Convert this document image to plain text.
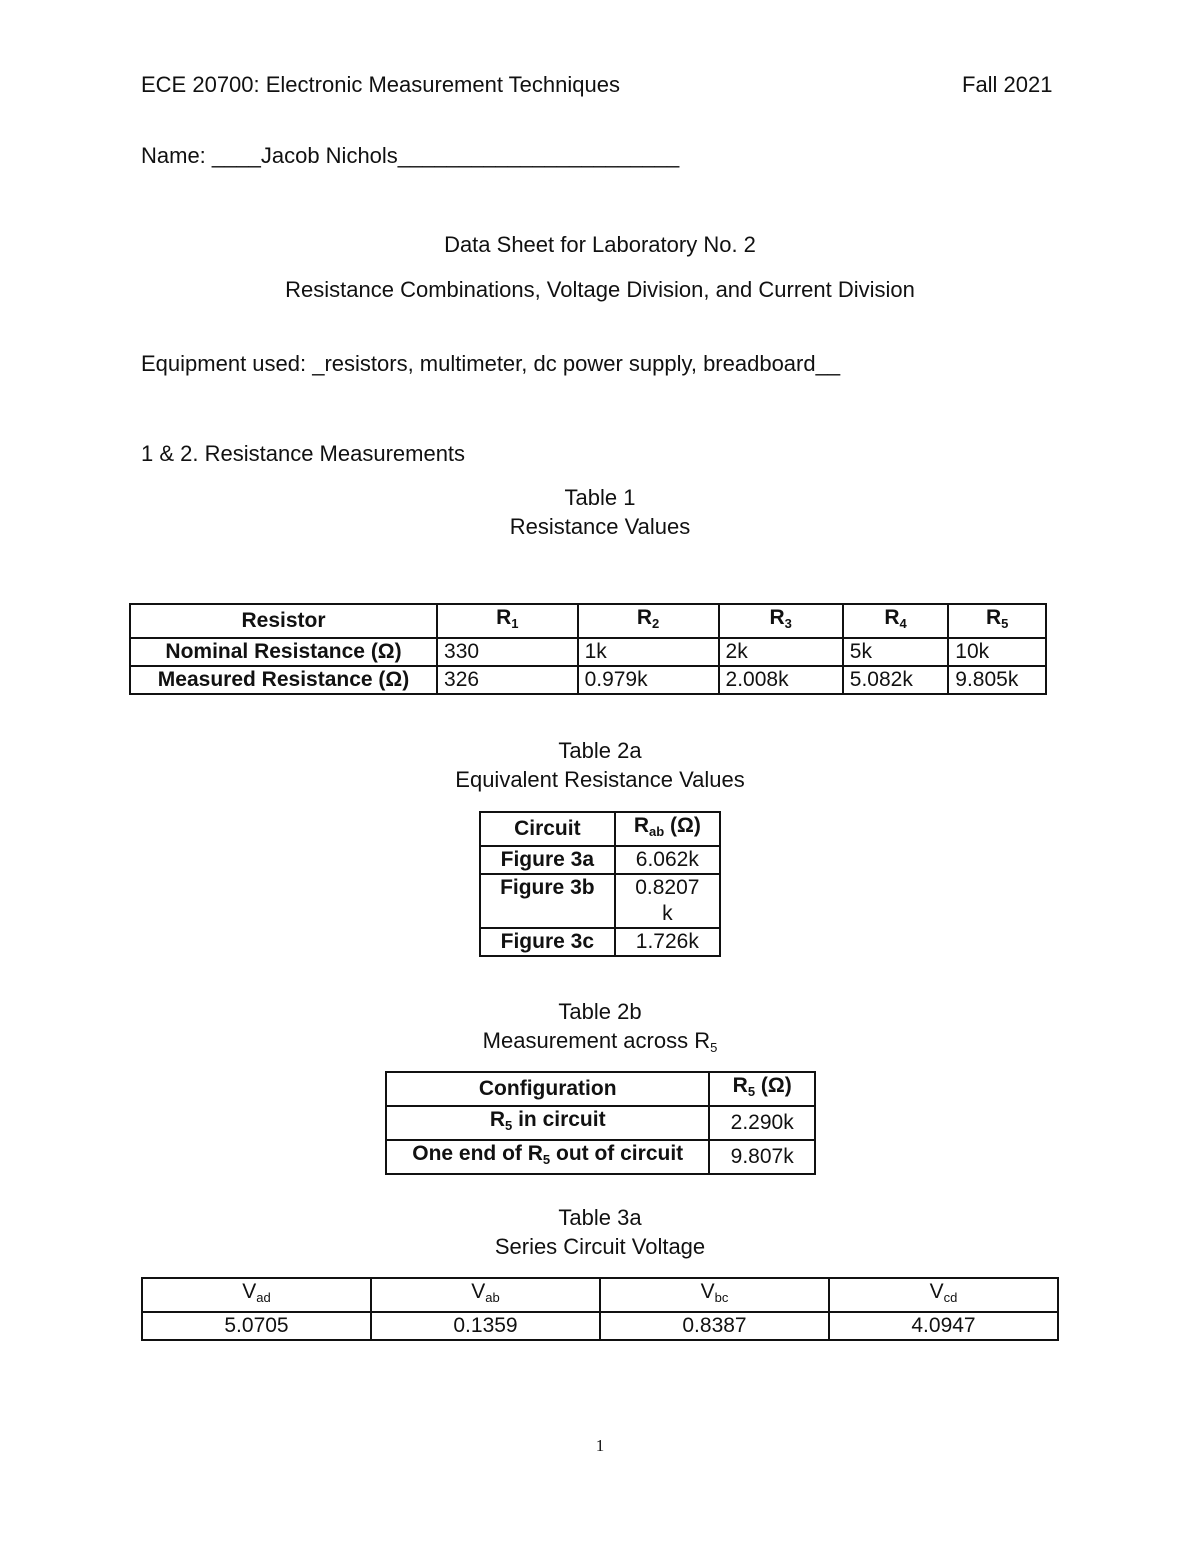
ECE 20700: Electronic Measurement Techniques	Fall 2021
Name: ____Jacob Nichols_______________________
Data Sheet for Laboratory No. 2
Resistance Combinations, Voltage Division, and Current Division
Equipment used: _resistors, multimeter, dc power supply, breadboard__
1 & 2. Resistance Measurements
Table 1
Resistance Values
Resistor	$R_1$	$R_2$	$R_3$	$R_4$	$R_5$
Nominal Resistance (Ω)	330	1k	2k	5k	10k
Measured Resistance (Ω)	326	0.979k	2.008k	5.082k	9.805k
Table 2a
Equivalent Resistance Values
Circuit	$R_{ab}$ (Ω)
Figure 3a	6.062k
Figure 3b	0.8207 k
Figure 3c	1.726k
Table 2b
Measurement across $R_5$
Configuration	$R_5$ (Ω)
$R_5$ in circuit	2.290k
One end of $R_5$ out of circuit	9.807k
Table 3a
Series Circuit Voltage
$V_{ad}$	$V_{ab}$	$V_{bc}$	$V_{cd}$
5.0705	0.1359	0.8387	4.0947
1
